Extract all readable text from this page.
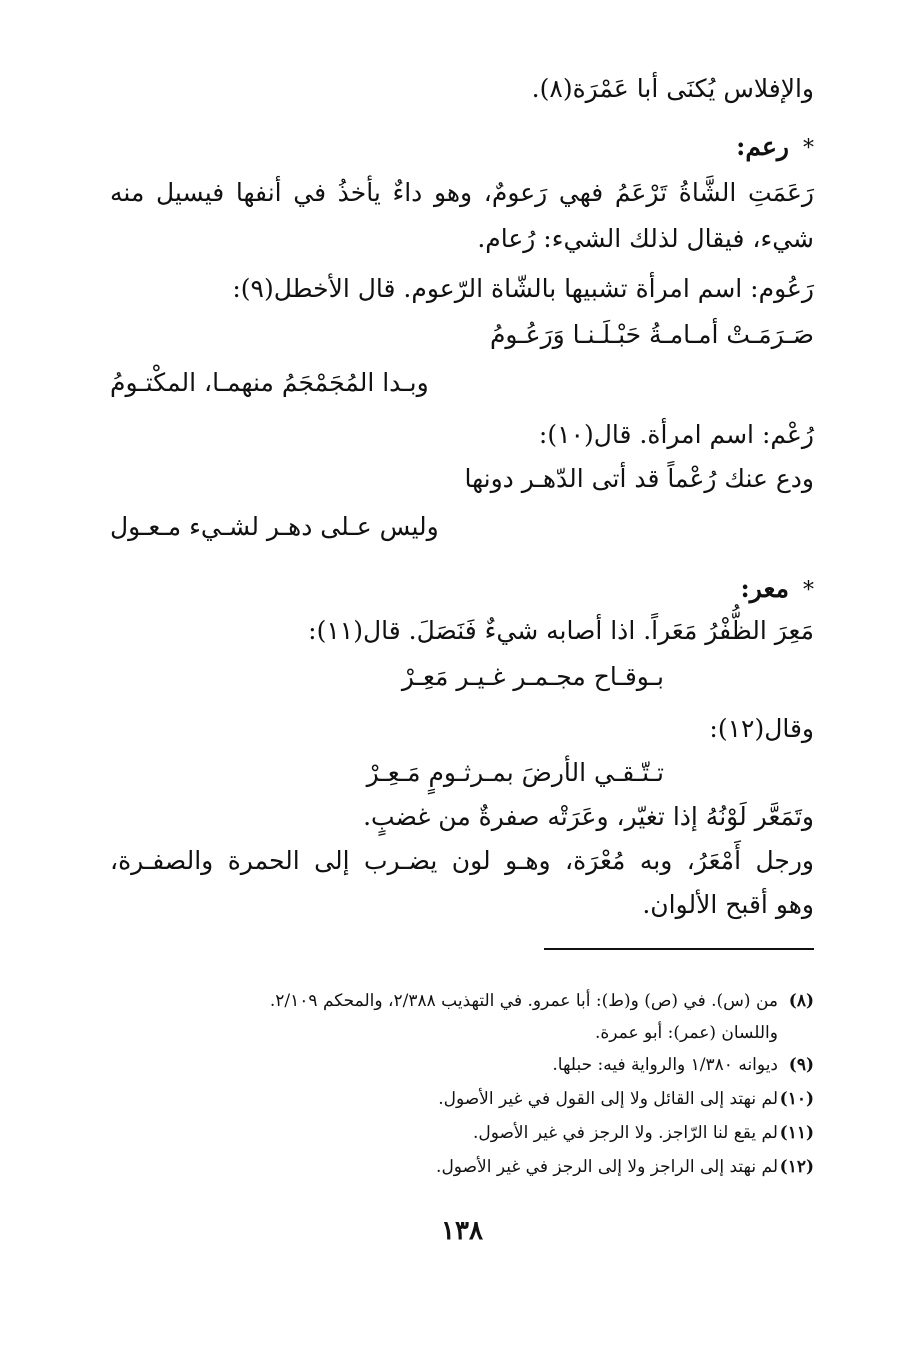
والإفلاس يُكنَى أبا عَمْرَة(٨).
*رعم:
رَعَمَتِ الشَّاةُ تَرْعَمُ فهي رَعومٌ، وهو داءٌ يأخذُ في أنفها فيسيل منه
شيء، فيقال لذلك الشيء: رُعام.
رَعُوم: اسم امرأة تشبيها بالشّاة الرّعوم. قال الأخطل(٩):
صَـرَمَـتْ أمـامـةُ حَبْـلَـنـا وَرَعُـومُ
وبـدا المُجَمْجَمُ منهمـا، المكْتـومُ
رُعْم: اسم امرأة. قال(١٠):
ودع عنك رُعْماً قد أتى الدّهـر دونها
وليس عـلى دهـر لشـيء مـعـول
*معر:
مَعِرَ الظُّفْرُ مَعَراً. اذا أصابه شيءٌ فَنَصَلَ. قال(١١):
بـوقـاح مجـمـر غـيـر مَعِـرْ
وقال(١٢):
تـتّـقـي الأرضَ بمـرثـومٍ مَـعِـرْ
وتَمَعَّر لَوْنُهُ إذا تغيّر، وعَرَتْه صفرةٌ من غضبٍ.
ورجل أَمْعَرُ، وبه مُعْرَة، وهـو لون يضـرب إلى الحمرة والصفـرة،
وهو أقبح الألوان.
(٨)من (س). في (ص) و(ط): أبا عمرو. في التهذيب ٢/٣٨٨، والمحكم ٢/١٠٩.
واللسان (عمر): أبو عمرة.
(٩)ديوانه ١/٣٨٠ والرواية فيه: حبلها.
(١٠)لم نهتد إلى القائل ولا إلى القول في غير الأصول.
(١١)لم يقع لنا الرّاجز. ولا الرجز في غير الأصول.
(١٢)لم نهتد إلى الراجز ولا إلى الرجز في غير الأصول.
١٣٨
